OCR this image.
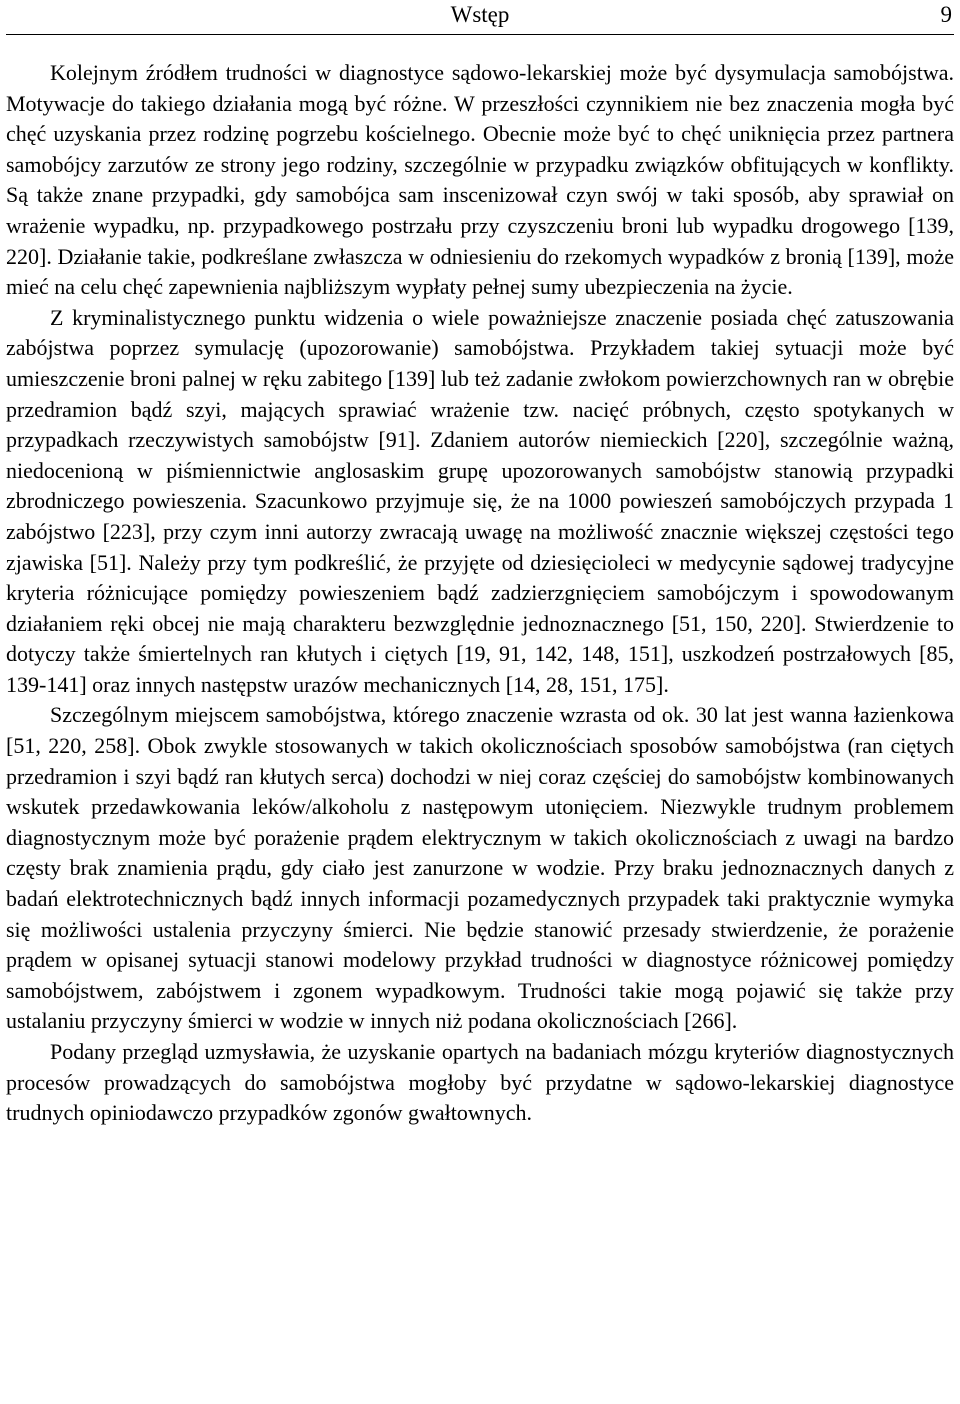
Wstęp	9

Kolejnym źródłem trudności w diagnostyce sądowo-lekarskiej może być dysymulacja samobójstwa. Motywacje do takiego działania mogą być różne. W przeszłości czynnikiem nie bez znaczenia mogła być chęć uzyskania przez rodzinę pogrzebu kościelnego. Obecnie może być to chęć uniknięcia przez partnera samobójcy zarzutów ze strony jego rodziny, szczególnie w przypadku związków obfitujących w konflikty. Są także znane przypadki, gdy samobójca sam inscenizował czyn swój w taki sposób, aby sprawiał on wrażenie wypadku, np. przypadkowego postrzału przy czyszczeniu broni lub wypadku drogowego [139, 220]. Działanie takie, podkreślane zwłaszcza w odniesieniu do rzekomych wypadków z bronią [139], może mieć na celu chęć zapewnienia najbliższym wypłaty pełnej sumy ubezpieczenia na życie.

Z kryminalistycznego punktu widzenia o wiele poważniejsze znaczenie posiada chęć zatuszowania zabójstwa poprzez symulację (upozorowanie) samobójstwa. Przykładem takiej sytuacji może być umieszczenie broni palnej w ręku zabitego [139] lub też zadanie zwłokom powierzchownych ran w obrębie przedramion bądź szyi, mających sprawiać wrażenie tzw. nacięć próbnych, często spotykanych w przypadkach rzeczywistych samobójstw [91]. Zdaniem autorów niemieckich [220], szczególnie ważną, niedocenioną w piśmiennictwie anglosaskim grupę upozorowanych samobójstw stanowią przypadki zbrodniczego powieszenia. Szacunkowo przyjmuje się, że na 1000 powieszeń samobójczych przypada 1 zabójstwo [223], przy czym inni autorzy zwracają uwagę na możliwość znacznie większej częstości tego zjawiska [51]. Należy przy tym podkreślić, że przyjęte od dziesięcioleci w medycynie sądowej tradycyjne kryteria różnicujące pomiędzy powieszeniem bądź zadzierzgnięciem samobójczym i spowodowanym działaniem ręki obcej nie mają charakteru bezwzględnie jednoznacznego [51, 150, 220]. Stwierdzenie to dotyczy także śmiertelnych ran kłutych i ciętych [19, 91, 142, 148, 151], uszkodzeń postrzałowych [85, 139-141] oraz innych następstw urazów mechanicznych [14, 28, 151, 175].

Szczególnym miejscem samobójstwa, którego znaczenie wzrasta od ok. 30 lat jest wanna łazienkowa [51, 220, 258]. Obok zwykle stosowanych w takich okolicznościach sposobów samobójstwa (ran ciętych przedramion i szyi bądź ran kłutych serca) dochodzi w niej coraz częściej do samobójstw kombinowanych wskutek przedawkowania leków/alkoholu z następowym utonięciem. Niezwykle trudnym problemem diagnostycznym może być porażenie prądem elektrycznym w takich okolicznościach z uwagi na bardzo częsty brak znamienia prądu, gdy ciało jest zanurzone w wodzie. Przy braku jednoznacznych danych z badań elektrotechnicznych bądź innych informacji pozamedycznych przypadek taki praktycznie wymyka się możliwości ustalenia przyczyny śmierci. Nie będzie stanowić przesady stwierdzenie, że porażenie prądem w opisanej sytuacji stanowi modelowy przykład trudności w diagnostyce różnicowej pomiędzy samobójstwem, zabójstwem i zgonem wypadkowym. Trudności takie mogą pojawić się także przy ustalaniu przyczyny śmierci w wodzie w innych niż podana okolicznościach [266].

Podany przegląd uzmysławia, że uzyskanie opartych na badaniach mózgu kryteriów diagnostycznych procesów prowadzących do samobójstwa mogłoby być przydatne w sądowo-lekarskiej diagnostyce trudnych opiniodawczo przypadków zgonów gwałtownych.
